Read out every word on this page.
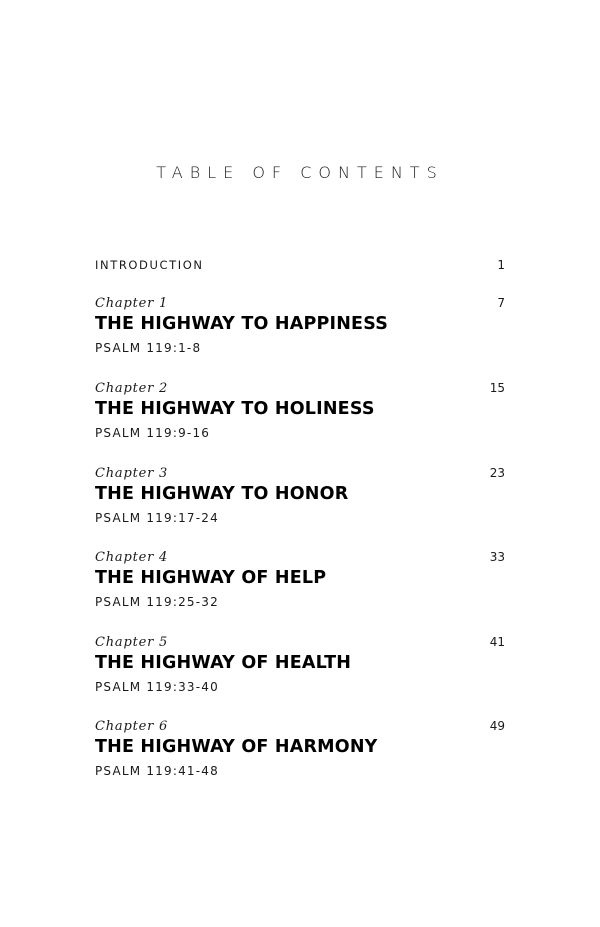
TABLE OF CONTENTS
INTRODUCTION	1
Chapter 1	7
THE HIGHWAY TO HAPPINESS
PSALM 119:1-8
Chapter 2	15
THE HIGHWAY TO HOLINESS
PSALM 119:9-16
Chapter 3	23
THE HIGHWAY TO HONOR
PSALM 119:17-24
Chapter 4	33
THE HIGHWAY OF HELP
PSALM 119:25-32
Chapter 5	41
THE HIGHWAY OF HEALTH
PSALM 119:33-40
Chapter 6	49
THE HIGHWAY OF HARMONY
PSALM 119:41-48
